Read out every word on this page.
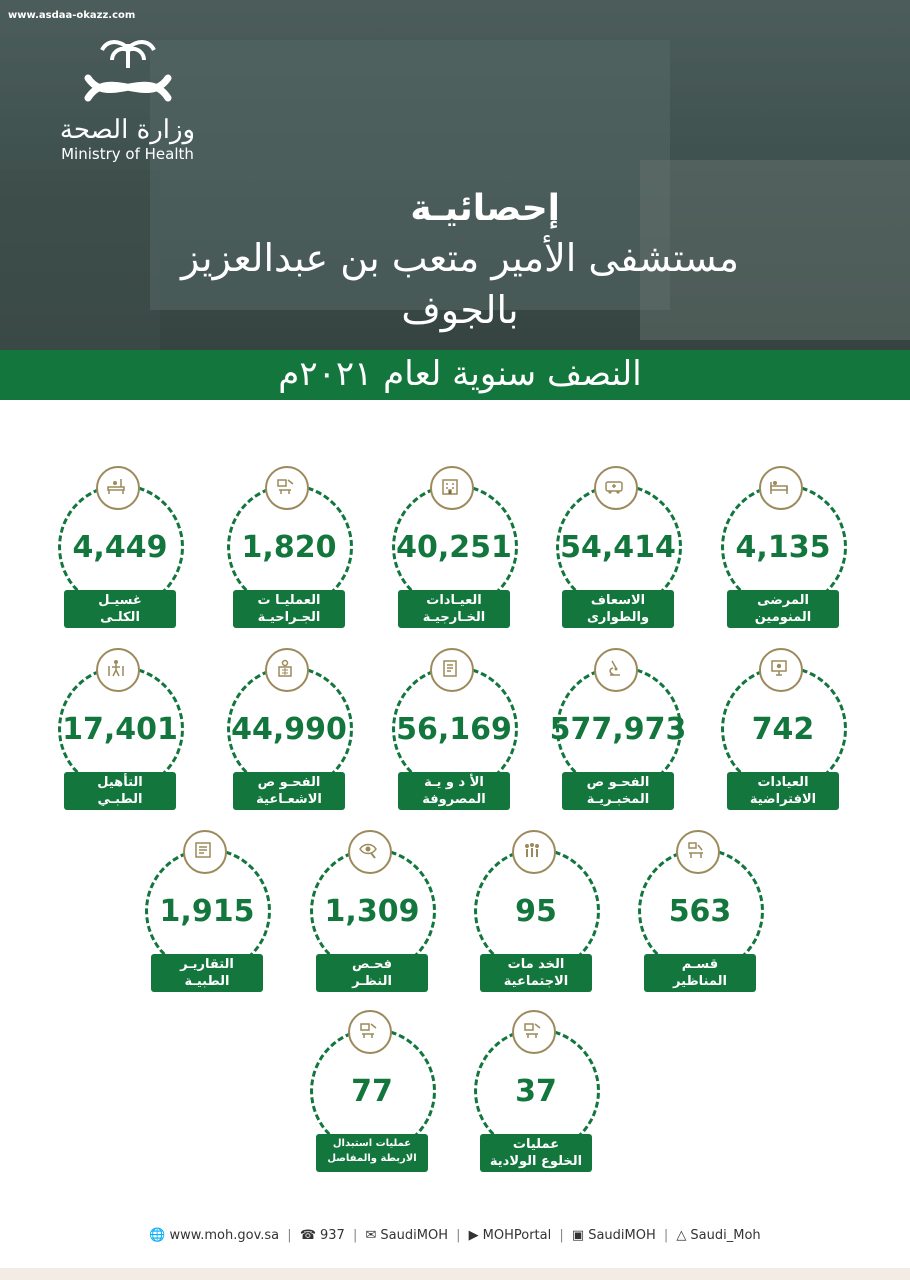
www.asdaa-okazz.com
وزارة الصحة
Ministry of Health
إحصائيـة
مستشفى الأمير متعب بن عبدالعزيز
بالجوف
النصف سنوية لعام ٢٠٢١م
4,135
المرضى
المنومين
54,414
الاسعاف
والطوارى
40,251
العيـادات
الخـارجيـة
1,820
العمليـا ت
الجـراحيـة
4,449
غسيـل
الكلـى
742
العيادات
الافتراضية
577,973
الفحـو ص
المخبـريـة
56,169
الأ د و يـة
المصروفة
44,990
الفحـو ص
الاشعـاعية
17,401
التأهيل
الطبـي
563
قسـم
المناظير
95
الخد مات
الاجتماعية
1,309
فحـص
النظـر
1,915
التقاريـر
الطبيـة
37
عمليات
الخلوع الولادية
77
عمليات استبدال
الاربطة والمفاصل
🌐 www.moh.gov.sa | ☎ 937 | ✉ SaudiMOH | ▶ MOHPortal | ▣ SaudiMOH | △ Saudi_Moh
